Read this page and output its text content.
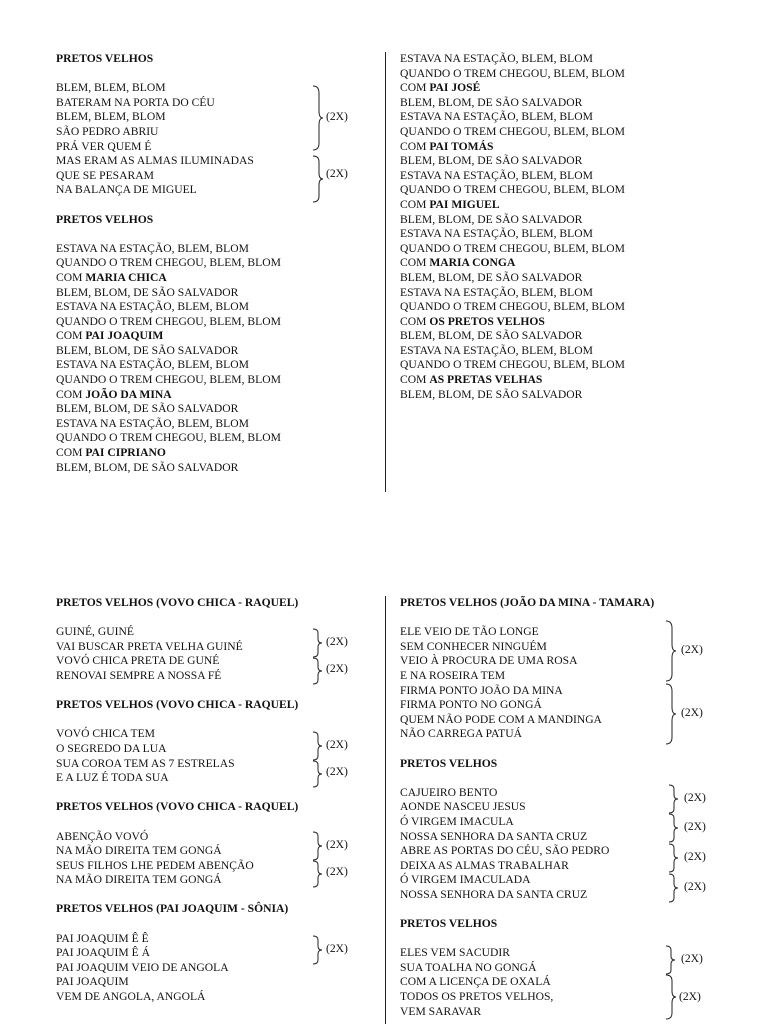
PRETOS VELHOS
BLEM, BLEM, BLOM
BATERAM NA PORTA DO CÉU
BLEM, BLEM, BLOM
SÃO PEDRO ABRIU
PRÁ VER QUEM É
MAS ERAM AS ALMAS ILUMINADAS
QUE SE PESARAM
NA BALANÇA DE MIGUEL
PRETOS VELHOS
ESTAVA NA ESTAÇÃO, BLEM, BLOM
QUANDO O TREM CHEGOU, BLEM, BLOM
COM MARIA CHICA
BLEM, BLOM, DE SÃO SALVADOR
ESTAVA NA ESTAÇÃO, BLEM, BLOM
QUANDO O TREM CHEGOU, BLEM, BLOM
COM PAI JOAQUIM
BLEM, BLOM, DE SÃO SALVADOR
ESTAVA NA ESTAÇÃO, BLEM, BLOM
QUANDO O TREM CHEGOU, BLEM, BLOM
COM JOÃO DA MINA
BLEM, BLOM, DE SÃO SALVADOR
ESTAVA NA ESTAÇÃO, BLEM, BLOM
QUANDO O TREM CHEGOU, BLEM, BLOM
COM PAI CIPRIANO
BLEM, BLOM, DE SÃO SALVADOR
ESTAVA NA ESTAÇÃO, BLEM, BLOM
QUANDO O TREM CHEGOU, BLEM, BLOM
COM PAI JOSÉ
BLEM, BLOM, DE SÃO SALVADOR
ESTAVA NA ESTAÇÃO, BLEM, BLOM
QUANDO O TREM CHEGOU, BLEM, BLOM
COM PAI TOMÁS
BLEM, BLOM, DE SÃO SALVADOR
ESTAVA NA ESTAÇÃO, BLEM, BLOM
QUANDO O TREM CHEGOU, BLEM, BLOM
COM PAI MIGUEL
BLEM, BLOM, DE SÃO SALVADOR
ESTAVA NA ESTAÇÃO, BLEM, BLOM
QUANDO O TREM CHEGOU, BLEM, BLOM
COM MARIA CONGA
BLEM, BLOM, DE SÃO SALVADOR
ESTAVA NA ESTAÇÃO, BLEM, BLOM
QUANDO O TREM CHEGOU, BLEM, BLOM
COM OS PRETOS VELHOS
BLEM, BLOM, DE SÃO SALVADOR
ESTAVA NA ESTAÇÃO, BLEM, BLOM
QUANDO O TREM CHEGOU, BLEM, BLOM
COM AS PRETAS VELHAS
BLEM, BLOM, DE SÃO SALVADOR
PRETOS VELHOS (VOVO CHICA - RAQUEL)
GUINÉ, GUINÉ
VAI BUSCAR PRETA VELHA GUINÉ
VOVÓ CHICA PRETA DE GUNÉ
RENOVAI SEMPRE A NOSSA FÉ
PRETOS VELHOS (VOVO CHICA - RAQUEL)
VOVÓ CHICA TEM
O SEGREDO DA LUA
SUA COROA TEM AS 7 ESTRELAS
E A LUZ É TODA SUA
PRETOS VELHOS (VOVO CHICA - RAQUEL)
ABENÇÃO VOVÓ
NA MÃO DIREITA TEM GONGÁ
SEUS FILHOS LHE PEDEM ABENÇÃO
NA MÃO DIREITA TEM GONGÁ
PRETOS VELHOS (PAI JOAQUIM - SÔNIA)
PAI JOAQUIM Ê Ê
PAI JOAQUIM Ê Á
PAI JOAQUIM VEIO DE ANGOLA
PAI JOAQUIM
VEM DE ANGOLA, ANGOLÁ
PRETOS VELHOS (JOÃO DA MINA - TAMARA)
ELE VEIO DE TÃO LONGE
SEM CONHECER NINGUÉM
VEIO À PROCURA DE UMA ROSA
E NA ROSEIRA TEM
FIRMA PONTO JOÃO DA MINA
FIRMA PONTO NO GONGÁ
QUEM NÃO PODE COM A MANDINGA
NÃO CARREGA PATUÁ
PRETOS VELHOS
CAJUEIRO BENTO
AONDE NASCEU JESUS
Ó VIRGEM IMACULA
NOSSA SENHORA DA SANTA CRUZ
ABRE AS PORTAS DO CÉU, SÃO PEDRO
DEIXA AS ALMAS TRABALHAR
Ó VIRGEM IMACULADA
NOSSA SENHORA DA SANTA CRUZ
PRETOS VELHOS
ELES VEM SACUDIR
SUA TOALHA NO GONGÁ
COM A LICENÇA DE OXALÁ
TODOS OS PRETOS VELHOS,
VEM SARAVAR
(2X)
(2X)
(2X)
(2X)
(2X)
(2X)
(2X)
(2X)
(2X)
(2X)
(2X)
(2X)
(2X)
(2X)
(2X)
(2X)
(2X)
